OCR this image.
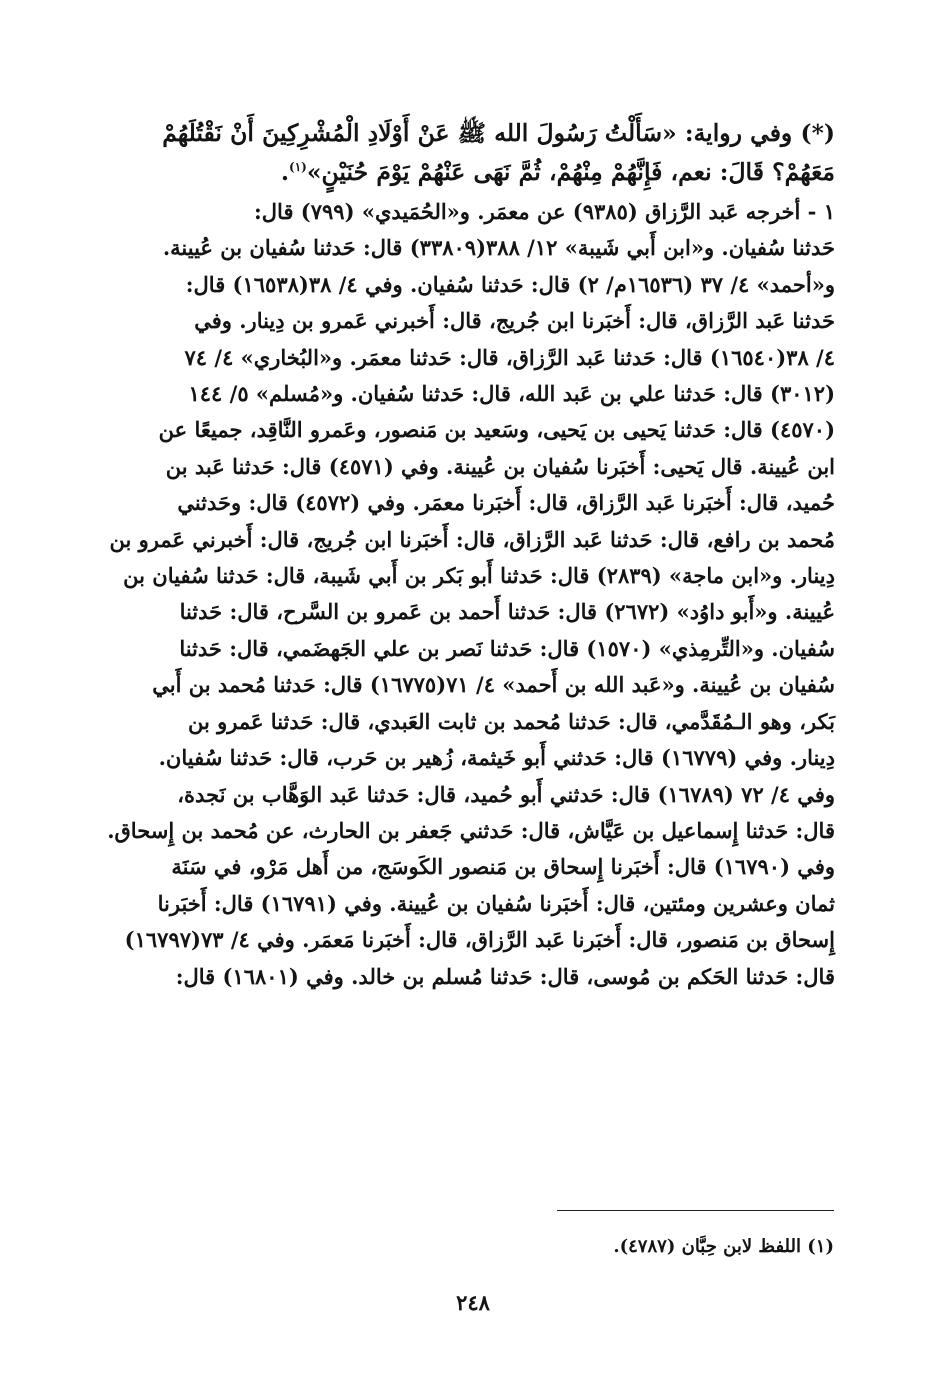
(*) وفي رواية: «سَأَلْتُ رَسُولَ الله ﷺ عَنْ أَوْلَادِ الْمُشْرِكِينَ أَنْ نَقْتُلَهُمْ
مَعَهُمْ؟ قَالَ: نعم، فَإِنَّهُمْ مِنْهُمْ، ثُمَّ نَهَى عَنْهُمْ يَوْمَ حُنَيْنٍ»$^{(١)}$.

١ - أخرجه عَبد الرَّزاق (٩٣٨٥) عن معمَر. و«الحُمَيدي» (٧٩٩) قال:
حَدثنا سُفيان. و«ابن أَبي شَيبة» ١٢/ ٣٨٨(٣٣٨٠٩) قال: حَدثنا سُفيان بن عُيينة.
و«أحمد» ٤/ ٣٧ (١٦٥٣٦م/ ٢) قال: حَدثنا سُفيان. وفي ٤/ ٣٨(١٦٥٣٨) قال:
حَدثنا عَبد الرَّزاق، قال: أَخبَرنا ابن جُريج، قال: أَخبرني عَمرو بن دِينار. وفي
٤/ ٣٨(١٦٥٤٠) قال: حَدثنا عَبد الرَّزاق، قال: حَدثنا معمَر. و«البُخاري» ٤/ ٧٤
(٣٠١٢) قال: حَدثنا علي بن عَبد الله، قال: حَدثنا سُفيان. و«مُسلم» ٥/ ١٤٤
(٤٥٧٠) قال: حَدثنا يَحيى بن يَحيى، وسَعيد بن مَنصور، وعَمرو النَّاقِد، جميعًا عن
ابن عُيينة. قال يَحيى: أَخبَرنا سُفيان بن عُيينة. وفي (٤٥٧١) قال: حَدثنا عَبد بن
حُميد، قال: أَخبَرنا عَبد الرَّزاق، قال: أَخبَرنا معمَر. وفي (٤٥٧٢) قال: وحَدثني
مُحمد بن رافع، قال: حَدثنا عَبد الرَّزاق، قال: أَخبَرنا ابن جُريج، قال: أَخبرني عَمرو بن
دِينار. و«ابن ماجة» (٢٨٣٩) قال: حَدثنا أَبو بَكر بن أَبي شَيبة، قال: حَدثنا سُفيان بن
عُيينة. و«أَبو داوُد» (٢٦٧٢) قال: حَدثنا أَحمد بن عَمرو بن السَّرح، قال: حَدثنا
سُفيان. و«التِّرمِذي» (١٥٧٠) قال: حَدثنا نَصر بن علي الجَهضَمي، قال: حَدثنا
سُفيان بن عُيينة. و«عَبد الله بن أَحمد» ٤/ ٧١(١٦٧٧٥) قال: حَدثنا مُحمد بن أَبي
بَكر، وهو الـمُقَدَّمي، قال: حَدثنا مُحمد بن ثابت العَبدي، قال: حَدثنا عَمرو بن
دِينار. وفي (١٦٧٧٩) قال: حَدثني أَبو خَيثمة، زُهير بن حَرب، قال: حَدثنا سُفيان.
وفي ٤/ ٧٢ (١٦٧٨٩) قال: حَدثني أَبو حُميد، قال: حَدثنا عَبد الوَهَّاب بن نَجدة،
قال: حَدثنا إِسماعيل بن عَيَّاش، قال: حَدثني جَعفر بن الحارث، عن مُحمد بن إِسحاق.
وفي (١٦٧٩٠) قال: أَخبَرنا إِسحاق بن مَنصور الكَوسَج، من أَهل مَرْو، في سَنَة
ثمان وعشرين ومئتين، قال: أَخبَرنا سُفيان بن عُيينة. وفي (١٦٧٩١) قال: أَخبَرنا
إِسحاق بن مَنصور، قال: أَخبَرنا عَبد الرَّزاق، قال: أَخبَرنا مَعمَر. وفي ٤/ ٧٣(١٦٧٩٧)
قال: حَدثنا الحَكم بن مُوسى، قال: حَدثنا مُسلم بن خالد. وفي (١٦٨٠١) قال:

(١) اللفظ لابن حِبَّان (٤٧٨٧).
٢٤٨
